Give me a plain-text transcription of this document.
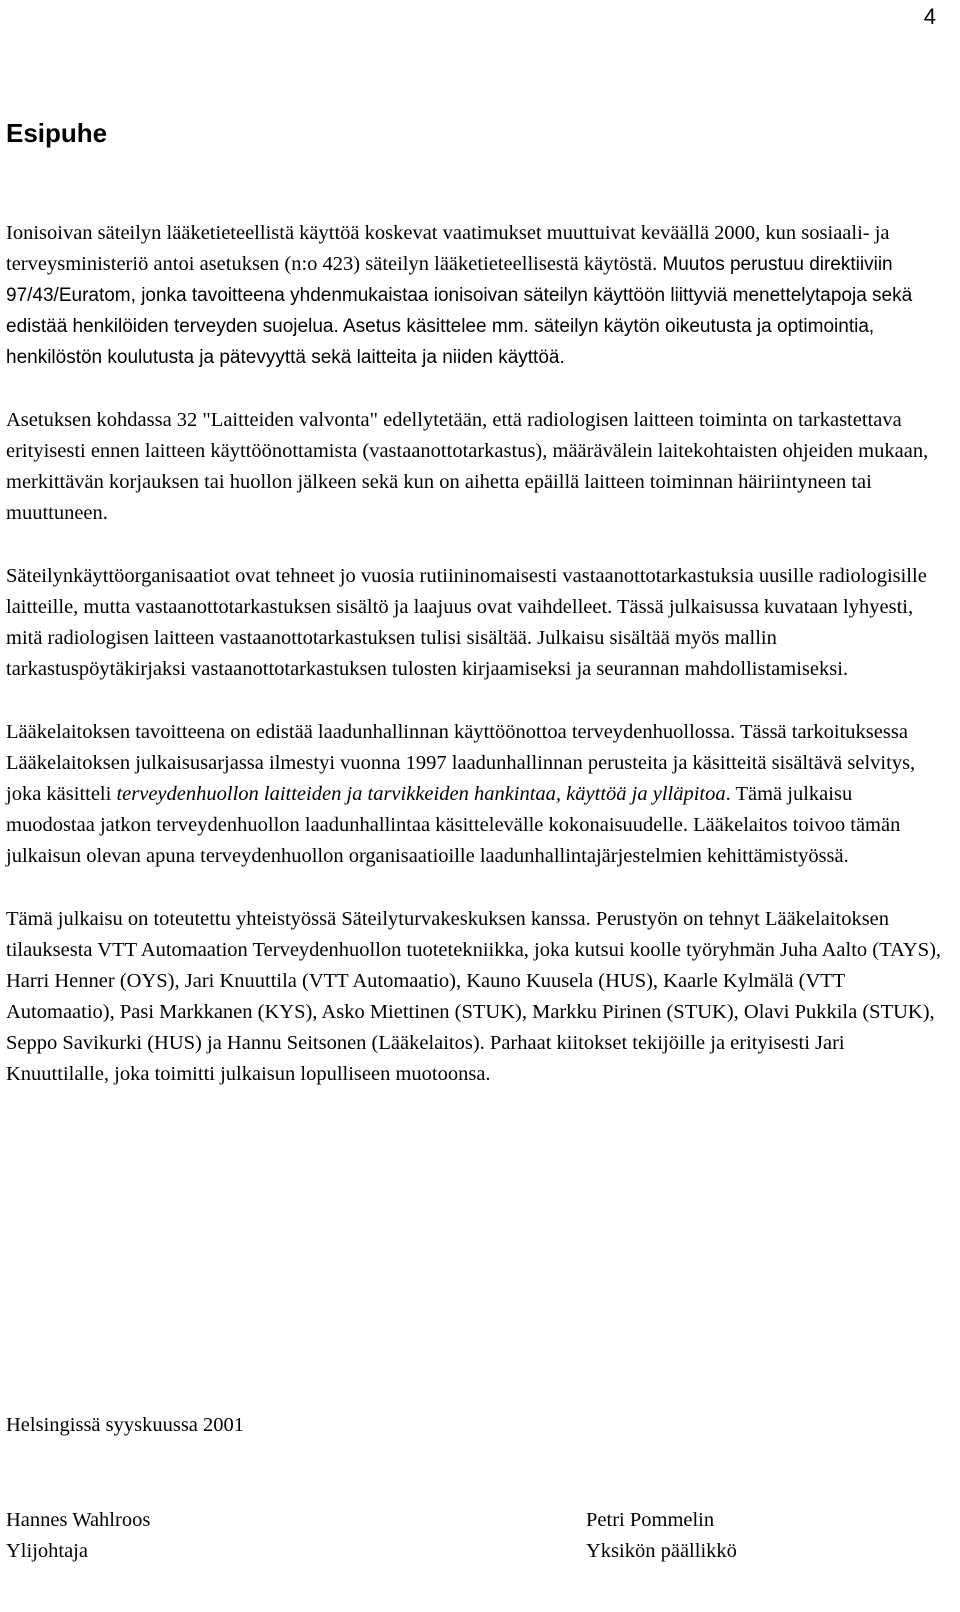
4
Esipuhe

Ionisoivan säteilyn lääketieteellistä käyttöä koskevat vaatimukset muuttuivat keväällä 2000, kun sosiaali- ja terveysministeriö antoi asetuksen (n:o 423) säteilyn lääketieteellisestä käytöstä. Muutos perustuu direktiiviin 97/43/Euratom, jonka tavoitteena yhdenmukaistaa ionisoivan säteilyn käyttöön liittyviä menettelytapoja sekä edistää henkilöiden terveyden suojelua. Asetus käsittelee mm. säteilyn käytön oikeutusta ja optimointia, henkilöstön koulutusta ja pätevyyttä sekä laitteita ja niiden käyttöä.

Asetuksen kohdassa 32 "Laitteiden valvonta" edellytetään, että radiologisen laitteen toiminta on tarkastettava erityisesti ennen laitteen käyttöönottamista (vastaanottotarkastus), määrävälein laitekohtaisten ohjeiden mukaan, merkittävän korjauksen tai huollon jälkeen sekä kun on aihetta epäillä laitteen toiminnan häiriintyneen tai muuttuneen.

Säteilynkäyttöorganisaatiot ovat tehneet jo vuosia rutiininomaisesti vastaanottotarkastuksia uusille radiologisille laitteille, mutta vastaanottotarkastuksen sisältö ja laajuus ovat vaihdelleet. Tässä julkaisussa kuvataan lyhyesti, mitä radiologisen laitteen vastaanottotarkastuksen tulisi sisältää. Julkaisu sisältää myös mallin tarkastuspöytäkirjaksi vastaanottotarkastuksen tulosten kirjaamiseksi ja seurannan mahdollistamiseksi.

Lääkelaitoksen tavoitteena on edistää laadunhallinnan käyttöönottoa terveydenhuollossa. Tässä tarkoituksessa Lääkelaitoksen julkaisusarjassa ilmestyi vuonna 1997 laadunhallinnan perusteita ja käsitteitä sisältävä selvitys, joka käsitteli terveydenhuollon laitteiden ja tarvikkeiden hankintaa, käyttöä ja ylläpitoa. Tämä julkaisu muodostaa jatkon terveydenhuollon laadunhallintaa käsittelevälle kokonaisuudelle. Lääkelaitos toivoo tämän julkaisun olevan apuna terveydenhuollon organisaatioille laadunhallintajärjestelmien kehittämistyössä.

Tämä julkaisu on toteutettu yhteistyössä Säteilyturvakeskuksen kanssa. Perustyön on tehnyt Lääkelaitoksen tilauksesta VTT Automaation Terveydenhuollon tuotetekniikka, joka kutsui koolle työryhmän Juha Aalto (TAYS), Harri Henner (OYS), Jari Knuuttila (VTT Automaatio), Kauno Kuusela (HUS), Kaarle Kylmälä (VTT Automaatio), Pasi Markkanen (KYS), Asko Miettinen (STUK), Markku Pirinen (STUK), Olavi Pukkila (STUK), Seppo Savikurki (HUS) ja Hannu Seitsonen (Lääkelaitos). Parhaat kiitokset tekijöille ja erityisesti Jari Knuuttilalle, joka toimitti julkaisun lopulliseen muotoonsa.

Helsingissä syyskuussa 2001
Hannes Wahlroos
Ylijohtaja
Petri Pommelin
Yksikön päällikkö
